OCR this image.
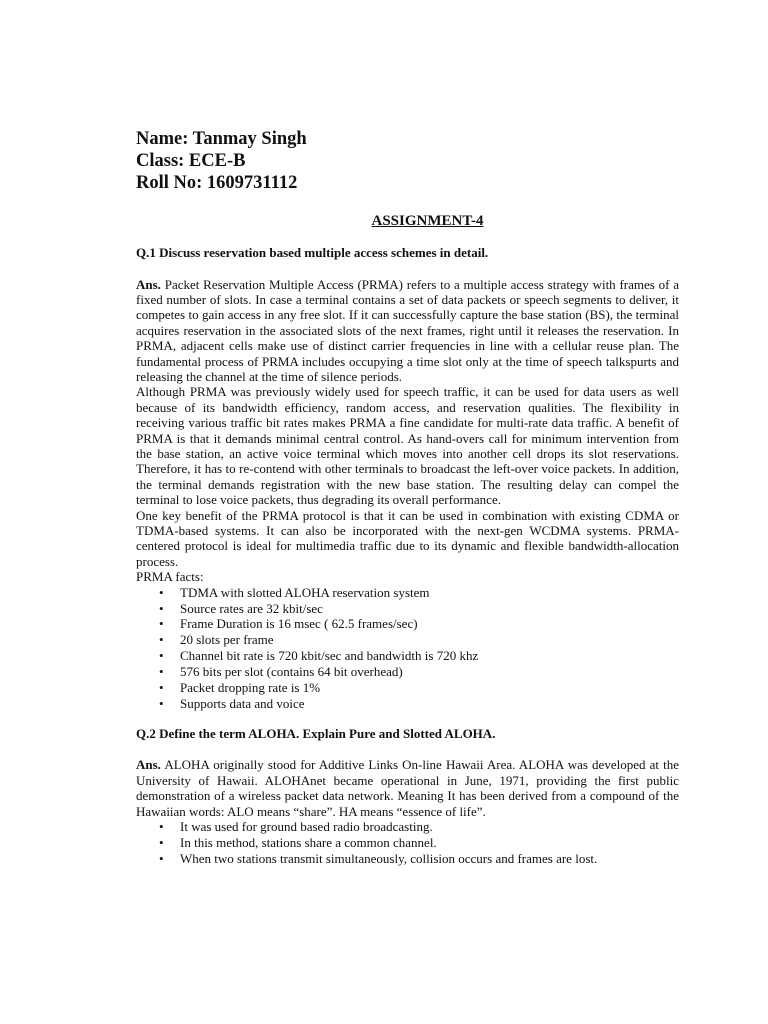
Name: Tanmay Singh
Class: ECE-B
Roll No: 1609731112
ASSIGNMENT-4
Q.1 Discuss reservation based multiple access schemes in detail.
Ans. Packet Reservation Multiple Access (PRMA) refers to a multiple access strategy with frames of a fixed number of slots. In case a terminal contains a set of data packets or speech segments to deliver, it competes to gain access in any free slot. If it can successfully capture the base station (BS), the terminal acquires reservation in the associated slots of the next frames, right until it releases the reservation. In PRMA, adjacent cells make use of distinct carrier frequencies in line with a cellular reuse plan. The fundamental process of PRMA includes occupying a time slot only at the time of speech talkspurts and releasing the channel at the time of silence periods.
Although PRMA was previously widely used for speech traffic, it can be used for data users as well because of its bandwidth efficiency, random access, and reservation qualities. The flexibility in receiving various traffic bit rates makes PRMA a fine candidate for multi-rate data traffic. A benefit of PRMA is that it demands minimal central control. As hand-overs call for minimum intervention from the base station, an active voice terminal which moves into another cell drops its slot reservations. Therefore, it has to re-contend with other terminals to broadcast the left-over voice packets. In addition, the terminal demands registration with the new base station. The resulting delay can compel the terminal to lose voice packets, thus degrading its overall performance.
One key benefit of the PRMA protocol is that it can be used in combination with existing CDMA or TDMA-based systems. It can also be incorporated with the next-gen WCDMA systems. PRMA-centered protocol is ideal for multimedia traffic due to its dynamic and flexible bandwidth-allocation process.
PRMA facts:
• TDMA with slotted ALOHA reservation system
• Source rates are 32 kbit/sec
• Frame Duration is 16 msec ( 62.5 frames/sec)
• 20 slots per frame
• Channel bit rate is 720 kbit/sec and bandwidth is 720 khz
• 576 bits per slot (contains 64 bit overhead)
• Packet dropping rate is 1%
• Supports data and voice
Q.2 Define the term ALOHA. Explain Pure and Slotted ALOHA.
Ans. ALOHA originally stood for Additive Links On-line Hawaii Area. ALOHA was developed at the University of Hawaii. ALOHAnet became operational in June, 1971, providing the first public demonstration of a wireless packet data network. Meaning It has been derived from a compound of the Hawaiian words: ALO means “share”. HA means “essence of life”.
• It was used for ground based radio broadcasting.
• In this method, stations share a common channel.
• When two stations transmit simultaneously, collision occurs and frames are lost.
